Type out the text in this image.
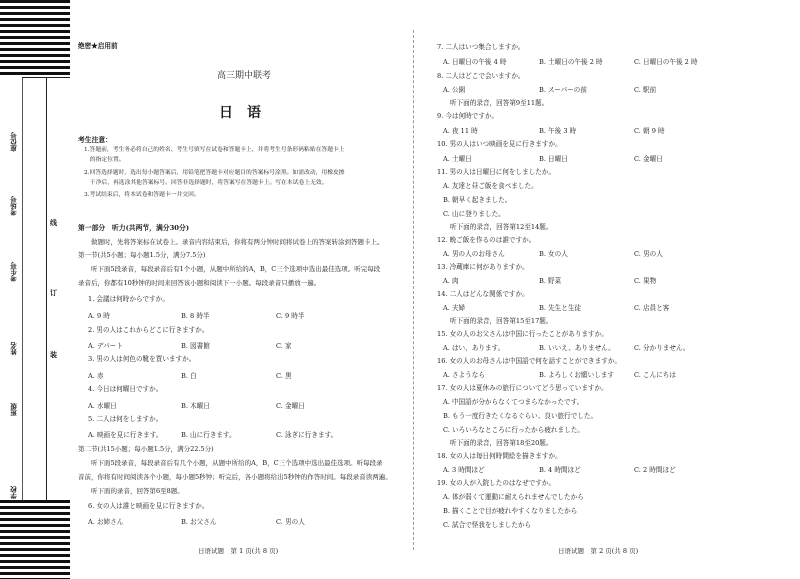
座位号
考场号
考生号
姓名
班级
学校
线
订
装
绝密★启用前
高三期中联考
日　语
考生注意：
1.答题前，考生务必将自己的姓名、考生号填写在试卷和答题卡上，并将考生号条形码粘贴在答题卡上
　的指定位置。
2.回答选择题时，选出每小题答案后，用铅笔把答题卡对应题目的答案标号涂黑。如需改动，用橡皮擦
　干净后，再选涂其他答案标号。回答非选择题时，将答案写在答题卡上。写在本试卷上无效。
3.考试结束后，将本试卷和答题卡一并交回。
第一部分　听力(共两节，满分30分)
　　做题时，先将答案标在试卷上。录音内容结束后，你将有两分钟时间将试卷上的答案转涂到答题卡上。
第一节(共5小题；每小题1.5分，满分7.5分)
　　听下面5段录音，每段录音后有1个小题，从题中所给的A，B，C三个选项中选出最佳选项。听完每段
录音后，你都有10秒钟的时间来回答该小题和阅读下一小题。每段录音只播放一遍。
1. 会議は何時からですか。
A. 9 時	B. 8 時半	C. 9 時半
2. 男の人はこれからどこに行きますか。
A. デパート	B. 図書館	C. 家
3. 男の人は何色の靴を買いますか。
A. 赤	B. 白	C. 黒
4. 今日は何曜日ですか。
A. 水曜日	B. 木曜日	C. 金曜日
5. 二人は何をしますか。
A. 映画を見に行きます。	B. 山に行きます。	C. 泳ぎに行きます。
第二节(共15小题；每小题1.5分，满分22.5分)
　　听下面5段录音，每段录音后有几个小题，从题中所给的A，B，C三个选项中选出最佳选项。听每段录
音前，你将有时间阅读各个小题，每小题5秒钟；听完后，各小题将给出5秒钟的作答时间。每段录音读两遍。
　　听下面的录音，回答第6至8题。
6. 女の人は誰と映画を見に行きますか。
A. お姉さん	B. お父さん	C. 男の人
日语试题　第 1 页(共 8 页)
7. 二人はいつ集合しますか。
A. 日曜日の午後 4 時	B. 土曜日の午後 2 時	C. 日曜日の午後 2 時
8. 二人はどこで会いますか。
A. 公園	B. スーパーの前	C. 駅前
听下面的录音，回答第9至11题。
9. 今は何時ですか。
A. 夜 11 時	B. 午後 3 時	C. 朝 9 時
10. 男の人はいつ映画を見に行きますか。
A. 土曜日	B. 日曜日	C. 金曜日
11. 男の人は日曜日に何をしましたか。
A. 友達と昼ご飯を食べました。
B. 朝早く起きました。
C. 山に登りました。
听下面的录音，回答第12至14题。
12. 晩ご飯を作るのは誰ですか。
A. 男の人のお母さん	B. 女の人	C. 男の人
13. 冷蔵庫に何がありますか。
A. 肉	B. 野菜	C. 果物
14. 二人はどんな関係ですか。
A. 夫婦	B. 先生と生徒	C. 店員と客
听下面的录音，回答第15至17题。
15. 女の人のお父さんは中国に行ったことがありますか。
A. はい、あります。	B. いいえ、ありません。	C. 分かりません。
16. 女の人のお母さんは中国語で何を話すことができますか。
A. さようなら	B. よろしくお願いします	C. こんにちは
17. 女の人は夏休みの旅行についてどう思っていますか。
A. 中国語が分からなくてつまらなかったです。
B. もう一度行きたくなるぐらい、良い旅行でした。
C. いろいろなところに行ったから疲れました。
听下面的录音，回答第18至20题。
18. 女の人は毎日何時間絵を描きますか。
A. 3 時間ほど	B. 4 時間ほど	C. 2 時間ほど
19. 女の人が入院したのはなぜですか。
A. 体が弱くて運動に耐えられませんでしたから
B. 描くことで目が疲れやすくなりましたから
C. 試合で怪我をしましたから
日语试题　第 2 页(共 8 页)
